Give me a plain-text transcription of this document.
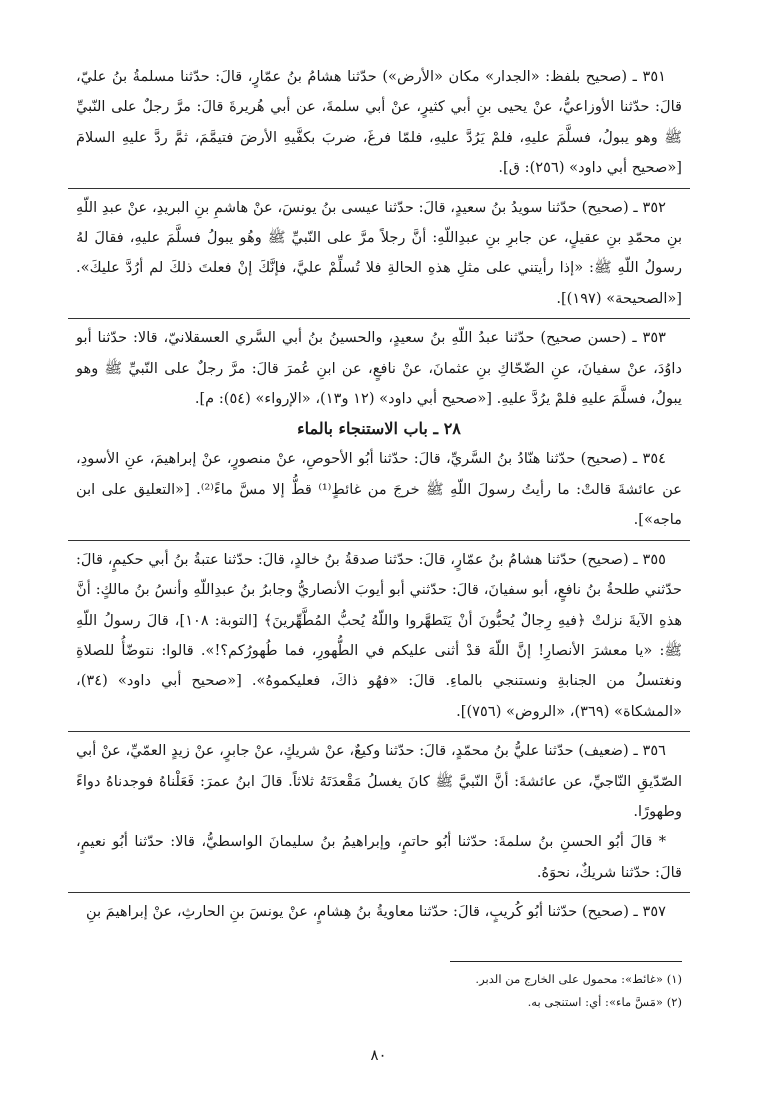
٣٥١ ـ (صحيح بلفظ: «الجدار» مكان «الأرض») حدّثنا هشامُ بنُ عمّارٍ، قالَ: حدّثنا مسلمةُ بنُ عليّ، قالَ: حدّثنا الأوزاعيُّ، عنْ يحيى بنِ أبي كثيرٍ، عنْ أبي سلمةَ، عن أبي هُريرةَ قالَ: مرَّ رجلٌ على النّبيِّ ﷺ وهو يبولُ، فسلَّمَ عليهِ، فلمْ يَرُدَّ عليهِ، فلمّا فرغَ، ضربَ بكفَّيهِ الأرضَ فتيمَّمَ، ثمَّ ردَّ عليهِ السلامَ [«صحيح أبي داود» (٢٥٦): ق].

٣٥٢ ـ (صحيح) حدّثنا سويدُ بنُ سعيدٍ، قالَ: حدّثنا عيسى بنُ يونسَ، عنْ هاشمِ بنِ البريدِ، عنْ عبدِ اللّهِ بنِ محمّدِ بنِ عقيلٍ، عن جابرِ بنِ عبدِاللّهِ: أنَّ رجلاً مرَّ على النّبيِّ ﷺ وهُو يبولُ فسلَّمَ عليهِ، فقالَ لهُ رسولُ اللّهِ ﷺ: «إذا رأيتني على مثلِ هذهِ الحالةِ فلا تُسلِّمْ عليَّ، فإنَّكَ إنْ فعلتَ ذلكَ لم أرُدَّ عليكَ». [«الصحيحة» (١٩٧)].

٣٥٣ ـ (حسن صحيح) حدّثنا عبدُ اللّهِ بنُ سعيدٍ، والحسينُ بنُ أبي السَّري العسقلانيّ، قالا: حدّثنا أبو داوُدَ، عنْ سفيانَ، عنِ الضّحّاكِ بنِ عثمانَ، عنْ نافعٍ، عن ابنِ عُمرَ قالَ: مرَّ رجلٌ على النّبيِّ ﷺ وهو يبولُ، فسلَّمَ عليهِ فلمْ يرُدَّ عليهِ. [«صحيح أبي داود» (١٢ و١٣)، «الإرواء» (٥٤): م].

٢٨ ـ باب الاستنجاء بالماء

٣٥٤ ـ (صحيح) حدّثنا هنّادُ بنُ السَّريِّ، قالَ: حدّثنا أبُو الأحوصِ، عنْ منصورٍ، عنْ إبراهيمَ، عنِ الأسودِ، عن عائشةَ قالتْ: ما رأيتُ رسولَ اللّهِ ﷺ خرجَ من غائطٍ⁽¹⁾ قطُّ إلا مسَّ ماءً⁽²⁾. [«التعليق على ابن ماجه»].

٣٥٥ ـ (صحيح) حدّثنا هشامُ بنُ عمّارٍ، قالَ: حدّثنا صدقةُ بنُ خالدٍ، قالَ: حدّثنا عتبةُ بنُ أبي حكيمٍ، قالَ: حدّثني طلحةُ بنُ نافعٍ، أبو سفيانَ، قالَ: حدّثني أبو أيوبَ الأنصاريُّ وجابرُ بنُ عبدِاللّهِ وأنسُ بنُ مالكٍ: أنَّ هذهِ الآيةَ نزلتْ ﴿فيهِ رِجالٌ يُحبُّونَ أنْ يَتَطهَّروا واللّهُ يُحبُّ المُطَّهِّرينَ﴾ [التوبة: ١٠٨]، قالَ رسولُ اللّهِ ﷺ: «يا معشرَ الأنصارِ! إنَّ اللّهَ قدْ أثنى عليكم في الطُّهورِ، فما طُهورُكم؟!». قالوا: نتوضّأُ للصلاةِ ونغتسلُ من الجنابةِ ونستنجي بالماءِ. قالَ: «فهُو ذاكَ، فعليكموهُ». [«صحيح أبي داود» (٣٤)، «المشكاة» (٣٦٩)، «الروض» (٧٥٦)].

٣٥٦ ـ (ضعيف) حدّثنا عليُّ بنُ محمّدٍ، قالَ: حدّثنا وكيعٌ، عنْ شريكٍ، عنْ جابرٍ، عنْ زيدٍ العمّيِّ، عنْ أبي الصّدّيقِ النّاجيِّ، عن عائشةَ: أنَّ النّبيَّ ﷺ كانَ يغسلُ مَقْعدَتَهُ ثلاثاً. قالَ ابنُ عمرَ: فَعَلْناهُ فوجدناهُ دواءً وطهورًا.

* قالَ أبُو الحسنِ بنُ سلمةَ: حدّثنا أبُو حاتمٍ، وإبراهيمُ بنُ سليمانَ الواسطيُّ، قالا: حدّثنا أبُو نعيمٍ، قالَ: حدّثنا شريكٌ، نحوَهُ.

٣٥٧ ـ (صحيح) حدّثنا أبُو كُريبٍ، قالَ: حدّثنا معاويةُ بنُ هِشامٍ، عنْ يونسَ بنِ الحارثِ، عنْ إبراهيمَ بنِ

(١) «غائط»: محمول على الخارج من الدبر.

(٢) «مَسَّ ماء»: أي: استنجى به.

٨٠
